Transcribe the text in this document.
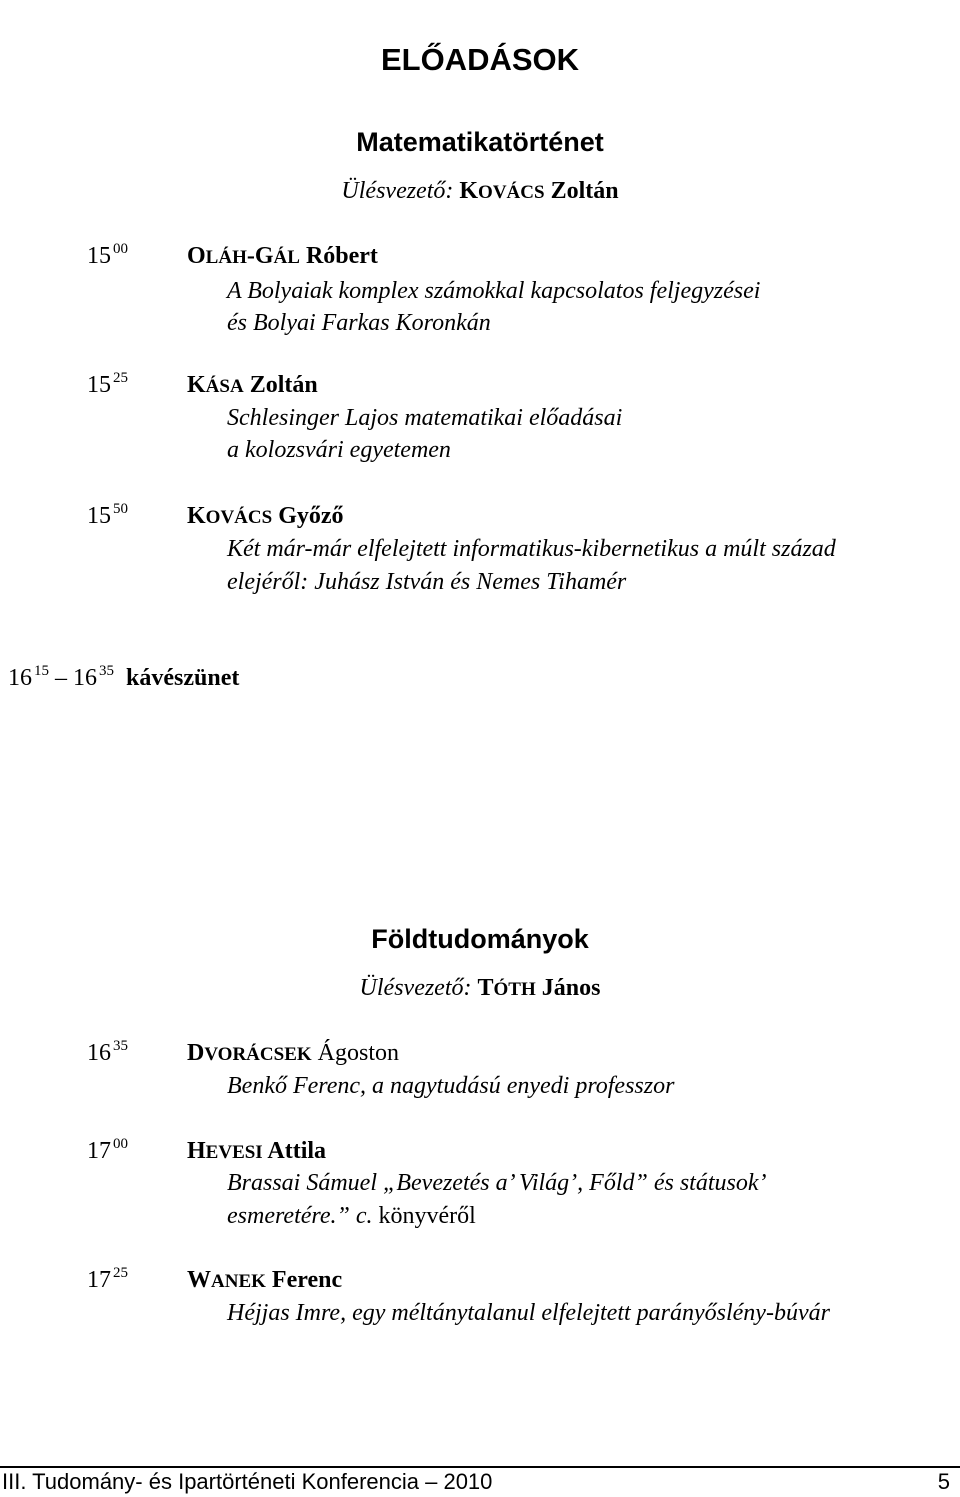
ELŐADÁSOK
Matematikatörténet
Ülésvezető: KOVÁCS Zoltán
15  $^{00}$ OLÁH-GÁL Róbert
A Bolyaiak komplex számokkal kapcsolatos feljegyzései
és Bolyai Farkas Koronkán
15  $^{25}$ KÁSA Zoltán
Schlesinger Lajos matematikai előadásai
a kolozsvári egyetemen
15  $^{50}$ KOVÁCS Győző
Két már-már elfelejtett informatikus-kibernetikus a múlt század
elejéről: Juhász István és Nemes Tihamér
16  $^{15}$ – 16  $^{35}$ kávészünet
Földtudományok
Ülésvezető: TÓTH János
16  $^{35}$ DVORÁCSEK Ágoston
Benkő Ferenc, a nagytudású enyedi professzor
17  $^{00}$ HEVESI Attila
Brassai Sámuel „Bevezetés a’ Világ’, Főld” és státusok’
esmeretére.” c. könyvéről
17  $^{25}$ WANEK Ferenc
Héjjas Imre, egy méltánytalanul elfelejtett parányőslény-búvár
III. Tudomány- és Ipartörténeti Konferencia – 2010	5
